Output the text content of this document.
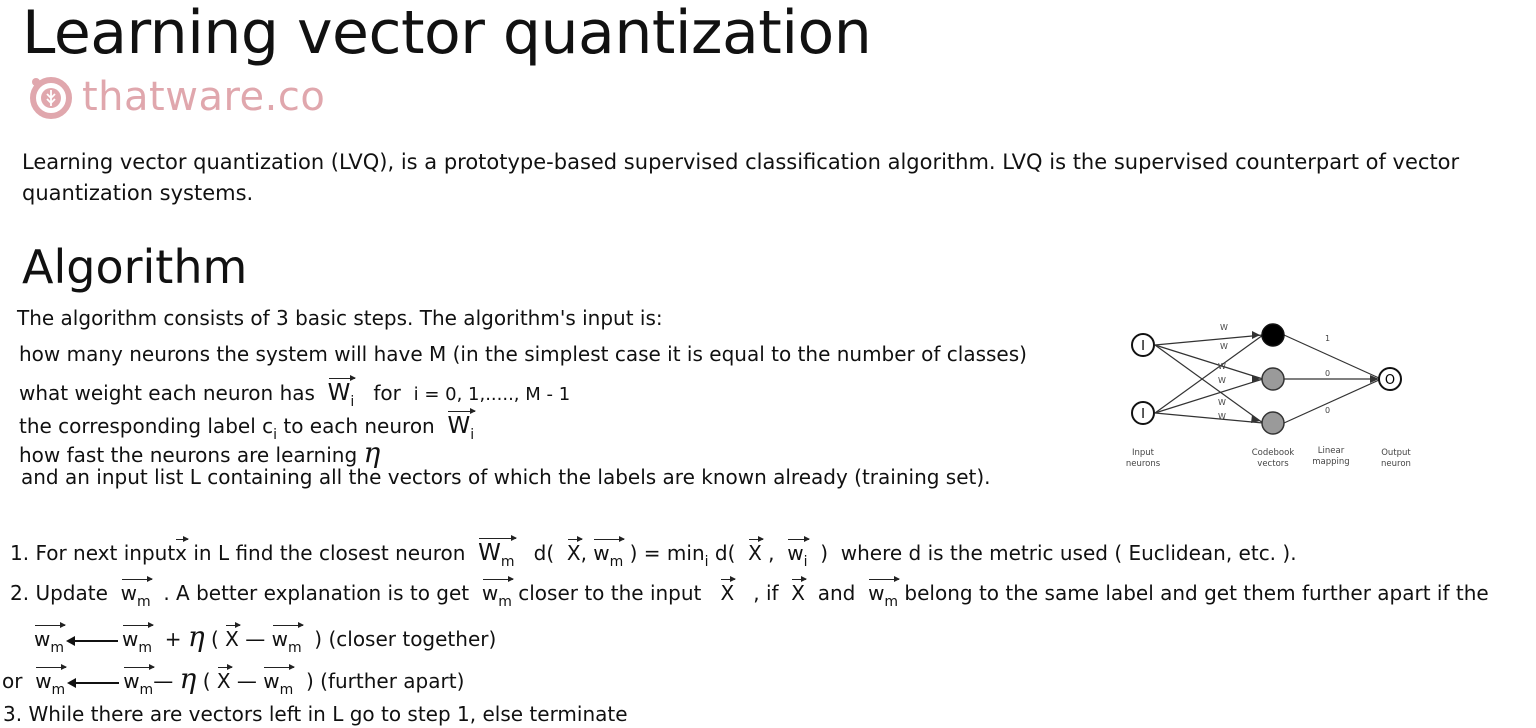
Learning vector quantization
thatware.co
Learning vector quantization (LVQ), is a prototype-based supervised classification algorithm. LVQ is the supervised counterpart of vector quantization systems.
Algorithm
The algorithm consists of 3 basic steps. The algorithm's input is:
how many neurons the system will have M (in the simplest case it is equal to the number of classes)
what weight each neuron has $W_i$ for i = 0, 1,....., M - 1
the corresponding label $c_i$ to each neuron $W_i$
how fast the neurons are learning η
and an input list L containing all the vectors of which the labels are known already (training set).
I
I
O
W
W
W
W
W
W
1
0
0
Input neurons
Codebook vectors
Linear mapping
Output neuron
1. For next inputx in L find the closest neuron $W_m$ d( X, $w_m$ ) = $\min_i d$( X , $w_i$ ) where d is the metric used ( Euclidean, etc. ).
2. Update $w_m$ . A better explanation is to get $w_m$ closer to the input X , if X and $w_m$ belong to the same label and get them further apart if the
$w_m$	$w_m + \eta$ ( X — $w_m$ ) (closer together)
or $w_m$	$w_m—$ η ( X — $w_m$ ) (further apart)
3. While there are vectors left in L go to step 1, else terminate
